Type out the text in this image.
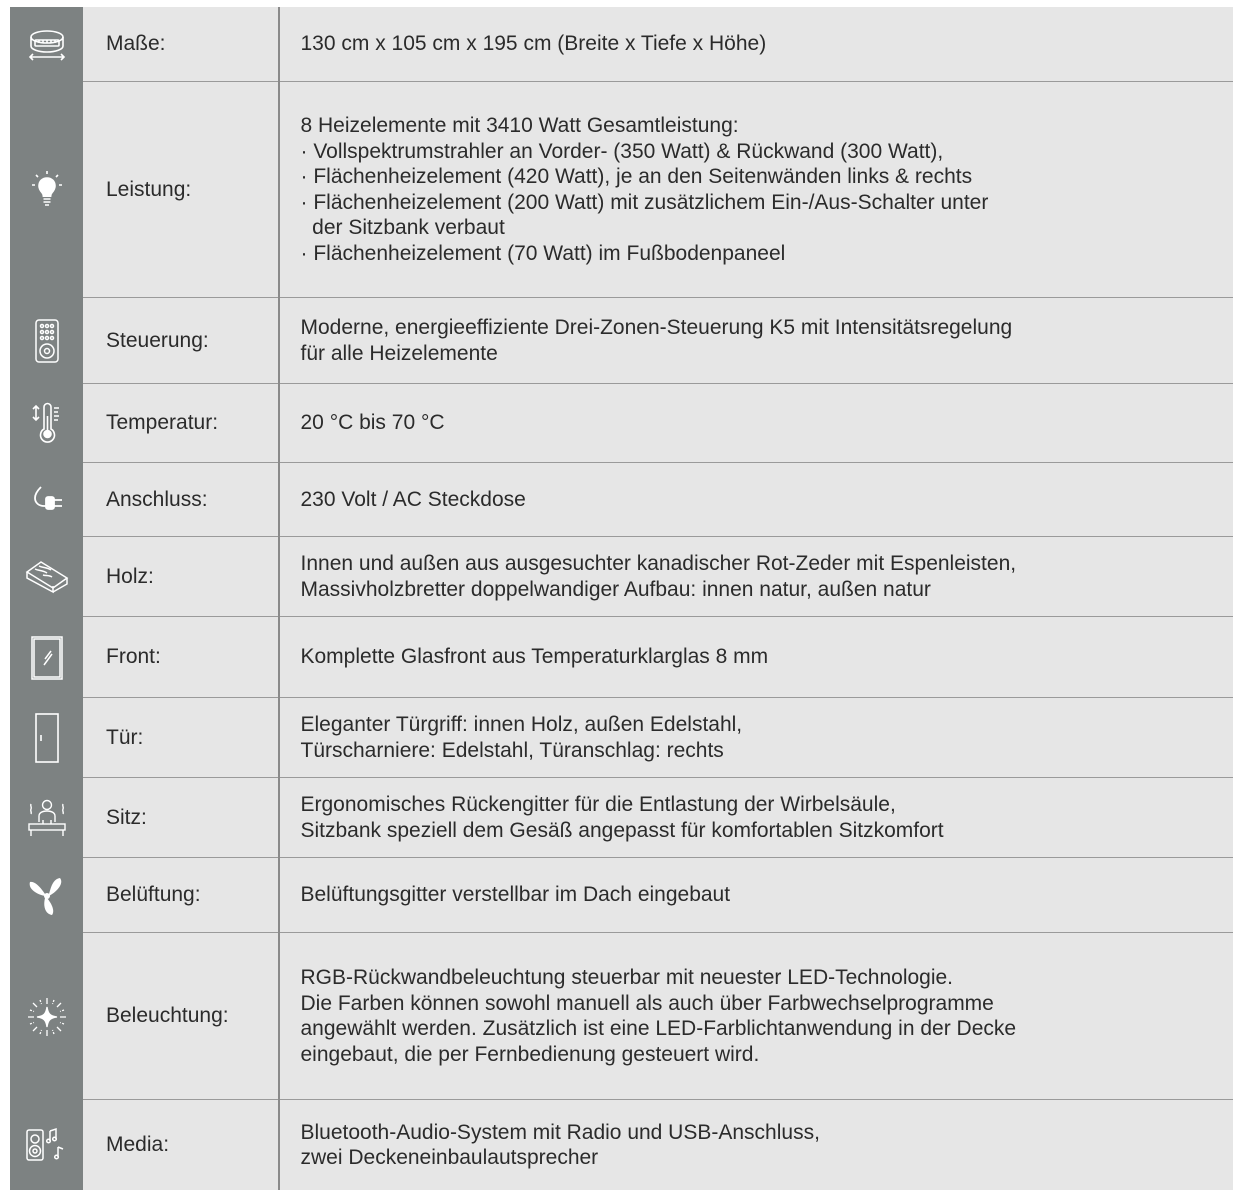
Maße:	130 cm x 105 cm x 195 cm (Breite x Tiefe x Höhe)
Leistung:
8 Heizelemente mit 3410 Watt Gesamtleistung:
· Vollspektrumstrahler an Vorder- (350 Watt) & Rückwand (300 Watt),
· Flächenheizelement (420 Watt), je an den Seitenwänden links & rechts
· Flächenheizelement (200 Watt) mit zusätzlichem Ein-/Aus-Schalter unter
der Sitzbank verbaut
· Flächenheizelement (70 Watt) im Fußbodenpaneel
Steuerung:
Moderne, energieeffiziente Drei-Zonen-Steuerung K5 mit Intensitätsregelung
für alle Heizelemente
Temperatur:	20 °C bis 70 °C
Anschluss:	230 Volt / AC Steckdose
Holz:
Innen und außen aus ausgesuchter kanadischer Rot-Zeder mit Espenleisten,
Massivholzbretter doppelwandiger Aufbau: innen natur, außen natur
Front:	Komplette Glasfront aus Temperaturklarglas 8 mm
Tür:
Eleganter Türgriff: innen Holz, außen Edelstahl,
Türscharniere: Edelstahl, Türanschlag: rechts
Sitz:
Ergonomisches Rückengitter für die Entlastung der Wirbelsäule,
Sitzbank speziell dem Gesäß angepasst für komfortablen Sitzkomfort
Belüftung:	Belüftungsgitter verstellbar im Dach eingebaut
Beleuchtung:
RGB-Rückwandbeleuchtung steuerbar mit neuester LED-Technologie.
Die Farben können sowohl manuell als auch über Farbwechselprogramme
angewählt werden. Zusätzlich ist eine LED-Farblichtanwendung in der Decke
eingebaut, die per Fernbedienung gesteuert wird.
Media:
Bluetooth-Audio-System mit Radio und USB-Anschluss,
zwei Deckeneinbaulautsprecher
